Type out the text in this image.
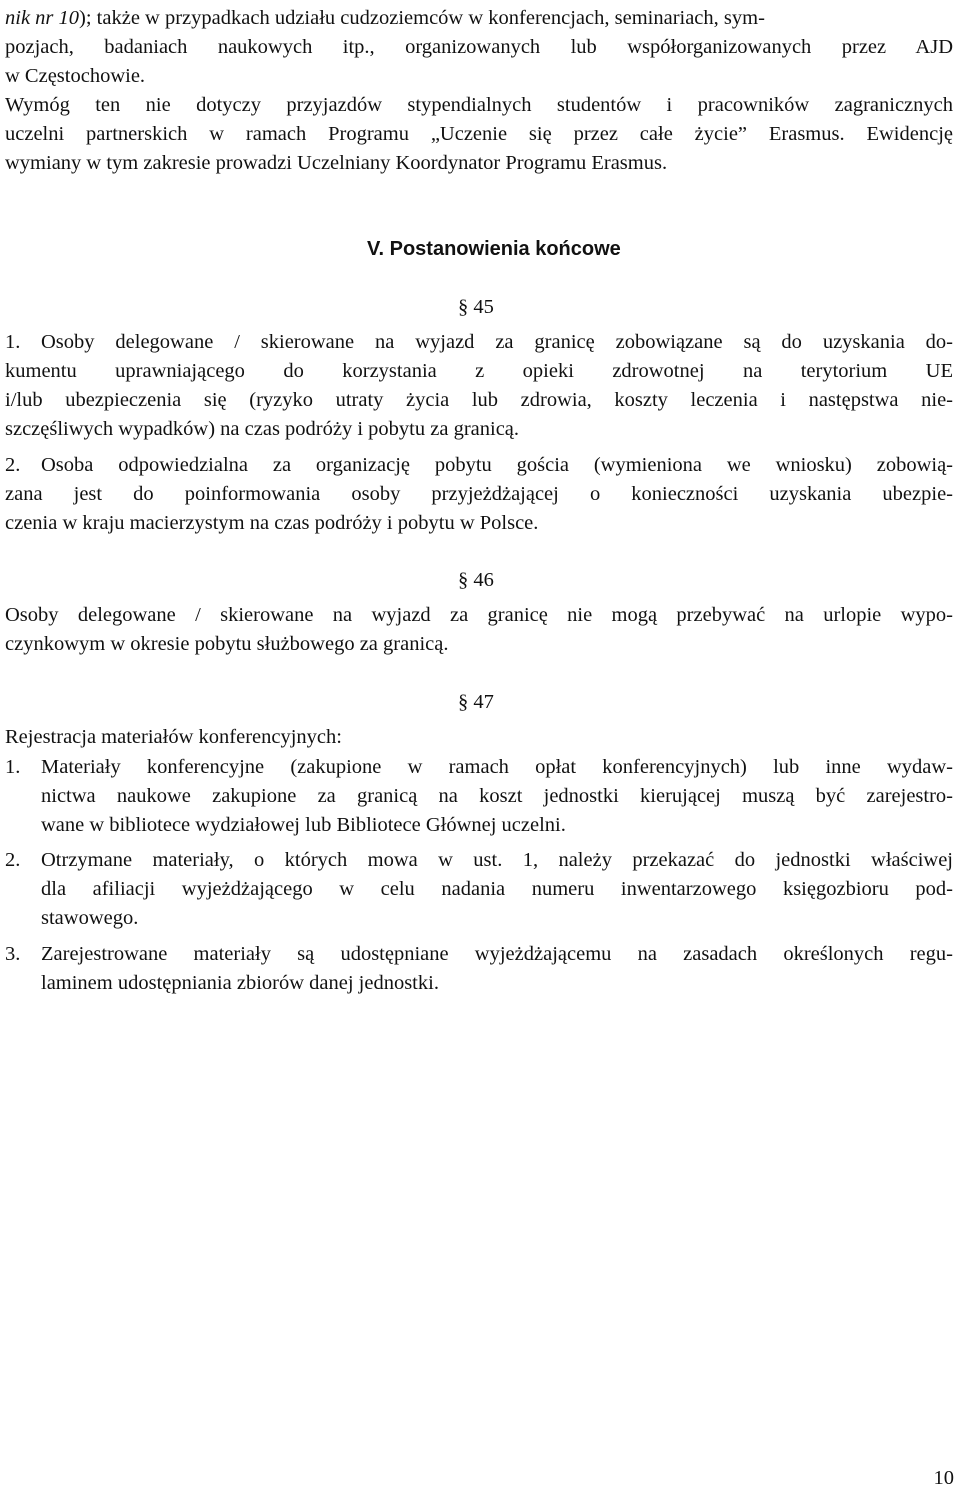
nik nr 10); także w przypadkach udziału cudzoziemców w konferencjach, seminariach, sym-
pozjach, badaniach naukowych itp., organizowanych lub współorganizowanych przez AJD
w Częstochowie.
Wymóg ten nie dotyczy przyjazdów stypendialnych studentów i pracowników zagranicznych
uczelni partnerskich w ramach Programu „Uczenie się przez całe życie” Erasmus. Ewidencję
wymiany w tym zakresie prowadzi Uczelniany Koordynator Programu Erasmus.
V. Postanowienia końcowe
§ 45
1. Osoby delegowane / skierowane na wyjazd za granicę zobowiązane są do uzyskania do-
kumentu uprawniającego do korzystania z opieki zdrowotnej na terytorium UE
i/lub ubezpieczenia się (ryzyko utraty życia lub zdrowia, koszty leczenia i następstwa nie-
szczęśliwych wypadków) na czas podróży i pobytu za granicą.
2. Osoba odpowiedzialna za organizację pobytu gościa (wymieniona we wniosku) zobowią-
zana jest do poinformowania osoby przyjeżdżającej o konieczności uzyskania ubezpie-
czenia w kraju macierzystym na czas podróży i pobytu w Polsce.
§ 46
Osoby delegowane / skierowane na wyjazd za granicę nie mogą przebywać na urlopie wypo-
czynkowym w okresie pobytu służbowego za granicą.
§ 47
Rejestracja materiałów konferencyjnych:
1. Materiały konferencyjne (zakupione w ramach opłat konferencyjnych) lub inne wydaw-
nictwa naukowe zakupione za granicą na koszt jednostki kierującej muszą być zarejestro-
wane w bibliotece wydziałowej lub Bibliotece Głównej uczelni.
2. Otrzymane materiały, o których mowa w ust. 1, należy przekazać do jednostki właściwej
dla afiliacji wyjeżdżającego w celu nadania numeru inwentarzowego księgozbioru pod-
stawowego.
3. Zarejestrowane materiały są udostępniane wyjeżdżającemu na zasadach określonych regu-
laminem udostępniania zbiorów danej jednostki.
10
